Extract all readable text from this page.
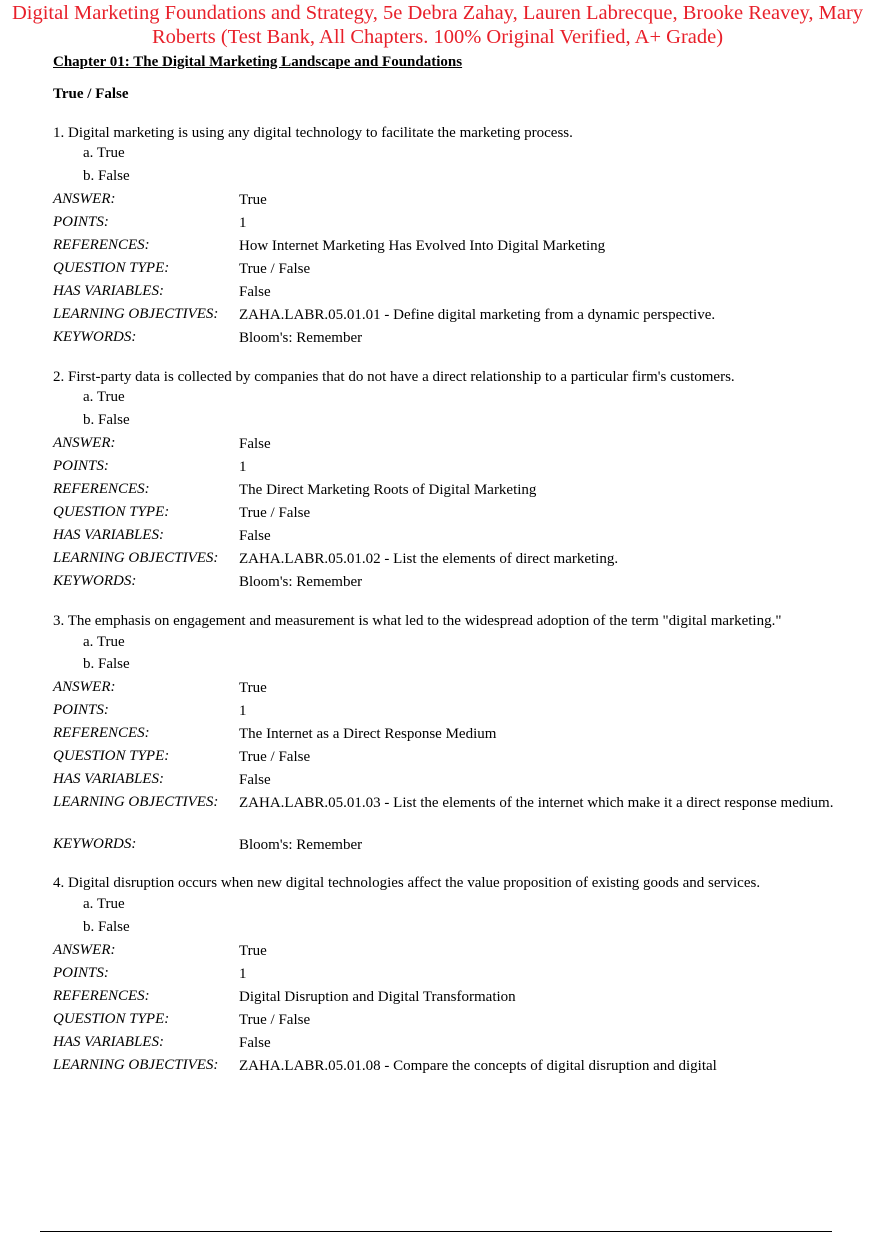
Digital Marketing Foundations and Strategy, 5e Debra Zahay, Lauren Labrecque, Brooke Reavey, Mary
Roberts (Test Bank, All Chapters. 100% Original Verified, A+ Grade)
Chapter 01: The Digital Marketing Landscape and Foundations
True / False
1. Digital marketing is using any digital technology to facilitate the marketing process.
a. True
b. False
ANSWER:	True
POINTS:	1
REFERENCES:	How Internet Marketing Has Evolved Into Digital Marketing
QUESTION TYPE:	True / False
HAS VARIABLES:	False
LEARNING OBJECTIVES: ZAHA.LABR.05.01.01 - Define digital marketing from a dynamic perspective.
KEYWORDS:	Bloom's: Remember
2. First-party data is collected by companies that do not have a direct relationship to a particular firm's customers.
a. True
b. False
ANSWER:	False
POINTS:	1
REFERENCES:	The Direct Marketing Roots of Digital Marketing
QUESTION TYPE:	True / False
HAS VARIABLES:	False
LEARNING OBJECTIVES: ZAHA.LABR.05.01.02 - List the elements of direct marketing.
KEYWORDS:	Bloom's: Remember
3. The emphasis on engagement and measurement is what led to the widespread adoption of the term "digital marketing."
a. True
b. False
ANSWER:	True
POINTS:	1
REFERENCES:	The Internet as a Direct Response Medium
QUESTION TYPE:	True / False
HAS VARIABLES:	False
LEARNING OBJECTIVES: ZAHA.LABR.05.01.03 - List the elements of the internet which make it a direct response medium.
KEYWORDS:	Bloom's: Remember
4. Digital disruption occurs when new digital technologies affect the value proposition of existing goods and services.
a. True
b. False
ANSWER:	True
POINTS:	1
REFERENCES:	Digital Disruption and Digital Transformation
QUESTION TYPE:	True / False
HAS VARIABLES:	False
LEARNING OBJECTIVES: ZAHA.LABR.05.01.08 - Compare the concepts of digital disruption and digital
